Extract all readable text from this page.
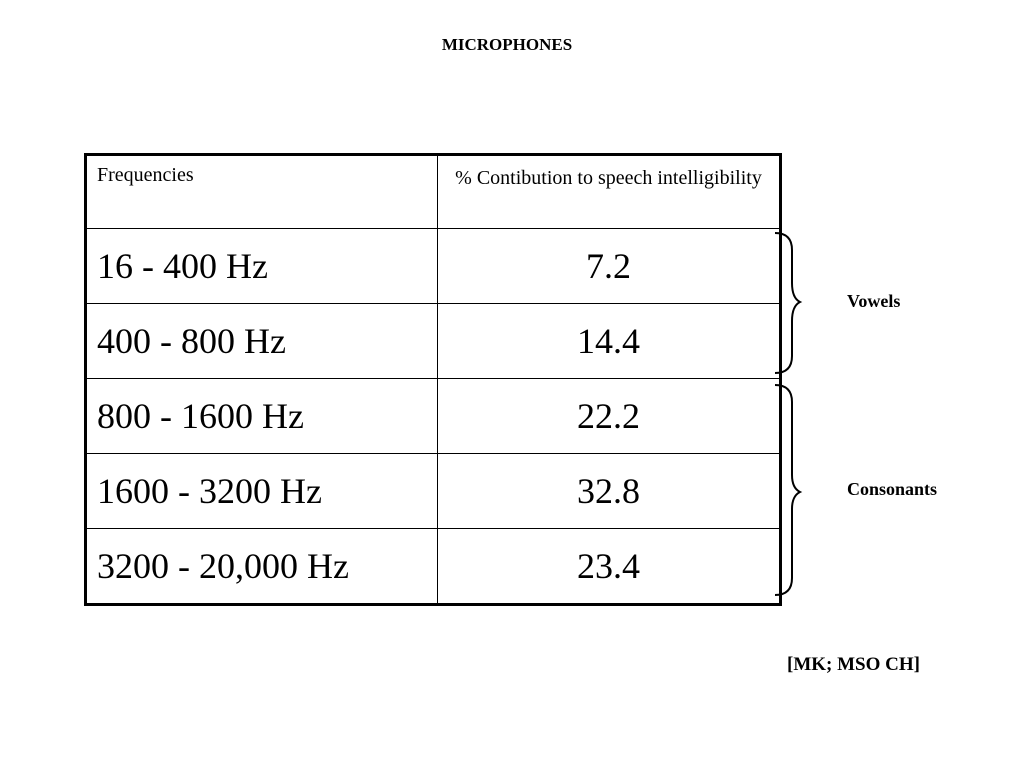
MICROPHONES
Frequencies	% Contibution to speech intelligibility
16 - 400 Hz	7.2
400 - 800 Hz	14.4
800 - 1600 Hz	22.2
1600 - 3200 Hz	32.8
3200 - 20,000 Hz	23.4
Vowels
Consonants
[MK; MSO CH]
